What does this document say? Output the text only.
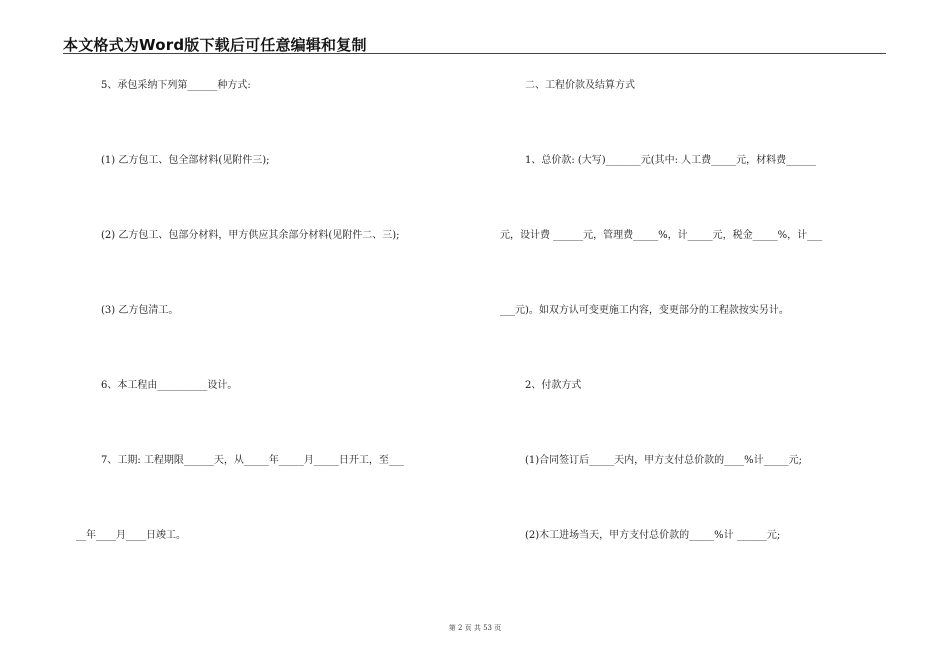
本文格式为Word版下载后可任意编辑和复制
5、承包采纳下列第______种方式:
(1) 乙方包工、包全部材料(见附件三);
(2) 乙方包工、包部分材料，甲方供应其余部分材料(见附件二、三);
(3) 乙方包清工。
6、本工程由__________设计。
7、工期: 工程期限______天，从_____年_____月_____日开工，至___
__年____月____日竣工。
二、工程价款及结算方式
1、总价款: (大写)_______元(其中: 人工费_____元，材料费______
元，设计费 ______元，管理费_____%，计_____元，税金_____%，计___
___元)。如双方认可变更施工内容，变更部分的工程款按实另计。
2、付款方式
(1)合同签订后_____天内，甲方支付总价款的____%计_____元;
(2)木工进场当天，甲方支付总价款的_____%计 ______元;
第 2 页 共 53 页
